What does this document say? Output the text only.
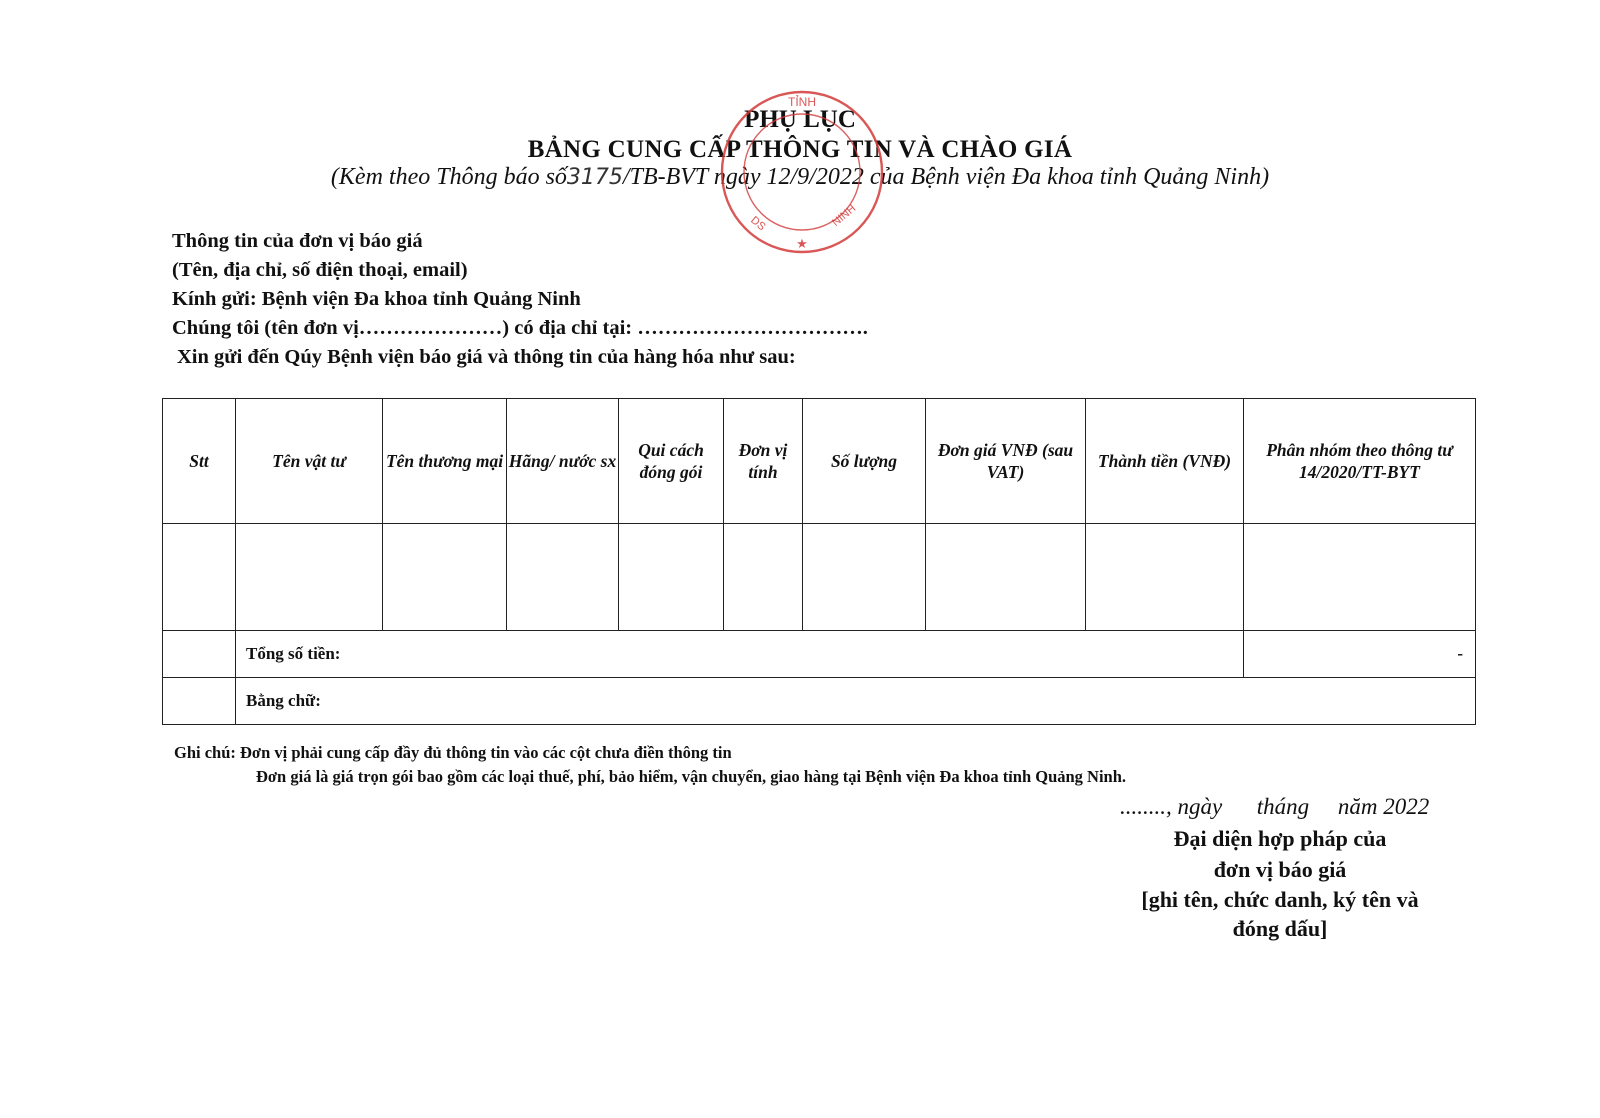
PHỤ LỤC
BẢNG CUNG CẤP THÔNG TIN VÀ CHÀO GIÁ
(Kèm theo Thông báo số3175/TB-BVT ngày 12/9/2022 của Bệnh viện Đa khoa tỉnh Quảng Ninh)
TỈNH
NINH
DS
★
Thông tin của đơn vị báo giá
(Tên, địa chỉ, số điện thoại, email)
Kính gửi: Bệnh viện Đa khoa tỉnh Quảng Ninh
Chúng tôi (tên đơn vị…………………) có địa chỉ tại: …………………………….
Xin gửi đến Qúy Bệnh viện báo giá và thông tin của hàng hóa như sau:
Stt	Tên vật tư	Tên thương mại	Hãng/ nước sx	Qui cách đóng gói	Đơn vị tính	Số lượng	Đơn giá VNĐ (sau VAT)	Thành tiền (VNĐ)	Phân nhóm theo thông tư 14/2020/TT-BYT

	Tổng số tiền:								-
	Bằng chữ:								
Ghi chú: Đơn vị phải cung cấp đầy đủ thông tin vào các cột chưa điền thông tin
Đơn giá là giá trọn gói bao gồm các loại thuế, phí, bảo hiểm, vận chuyển, giao hàng tại Bệnh viện Đa khoa tỉnh Quảng Ninh.
........, ngày      tháng     năm 2022
Đại diện hợp pháp của
đơn vị báo giá
[ghi tên, chức danh, ký tên và
đóng dấu]
